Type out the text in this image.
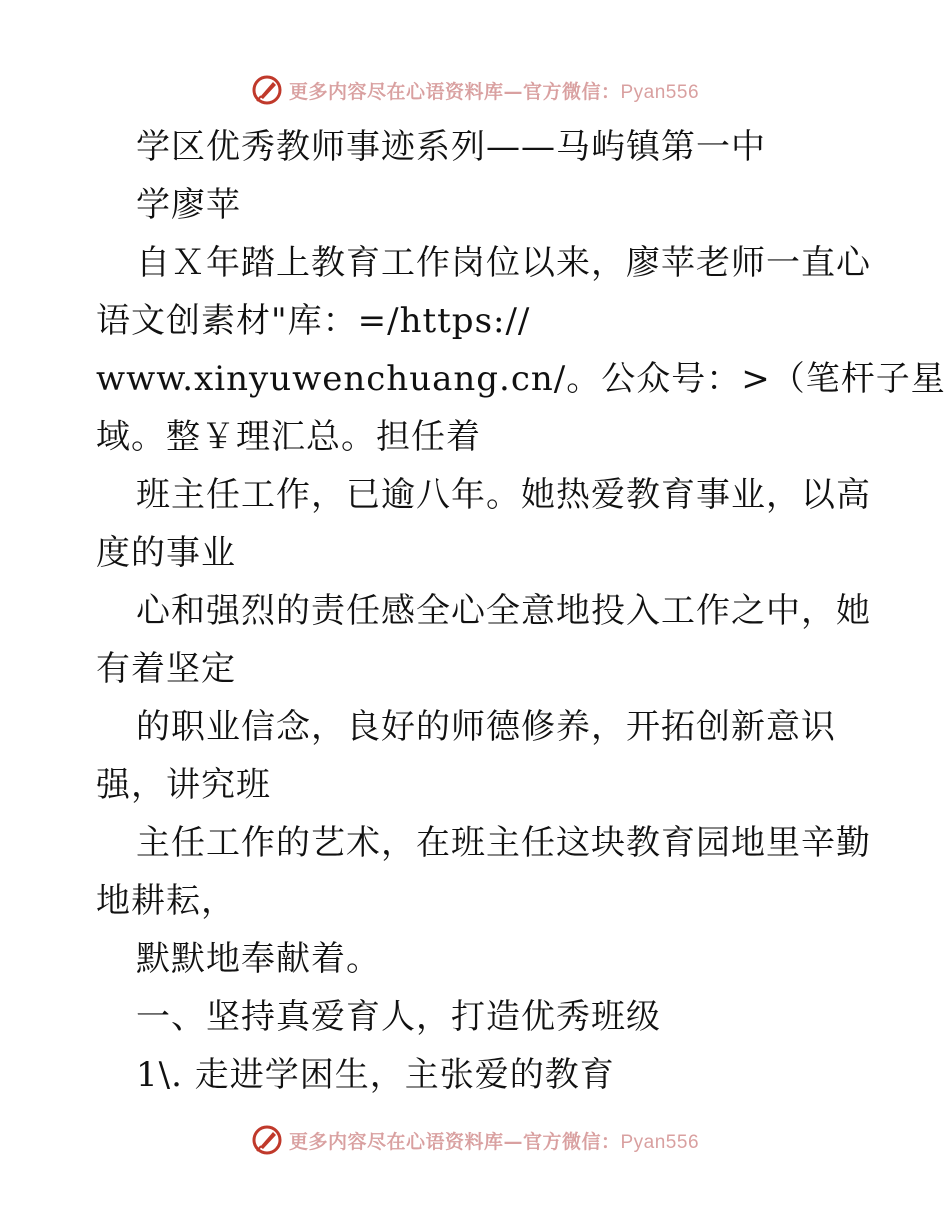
更多内容尽在心语资料库—官方微信：Pyan556
学区优秀教师事迹系列——马屿镇第一中
学廖苹
自Ｘ年踏上教育工作岗位以来，廖苹老师一直心
语文创素材"库：=/https://
www.xinyuwenchuang.cn/。公众号：>（笔杆子星
域。整￥理汇总。担任着
班主任工作，已逾八年。她热爱教育事业，以高
度的事业
心和强烈的责任感全心全意地投入工作之中，她
有着坚定
的职业信念，良好的师德修养，开拓创新意识
强，讲究班
主任工作的艺术，在班主任这块教育园地里辛勤
地耕耘，
默默地奉献着。
一、坚持真爱育人，打造优秀班级
1\. 走进学困生，主张爱的教育
更多内容尽在心语资料库—官方微信：Pyan556
